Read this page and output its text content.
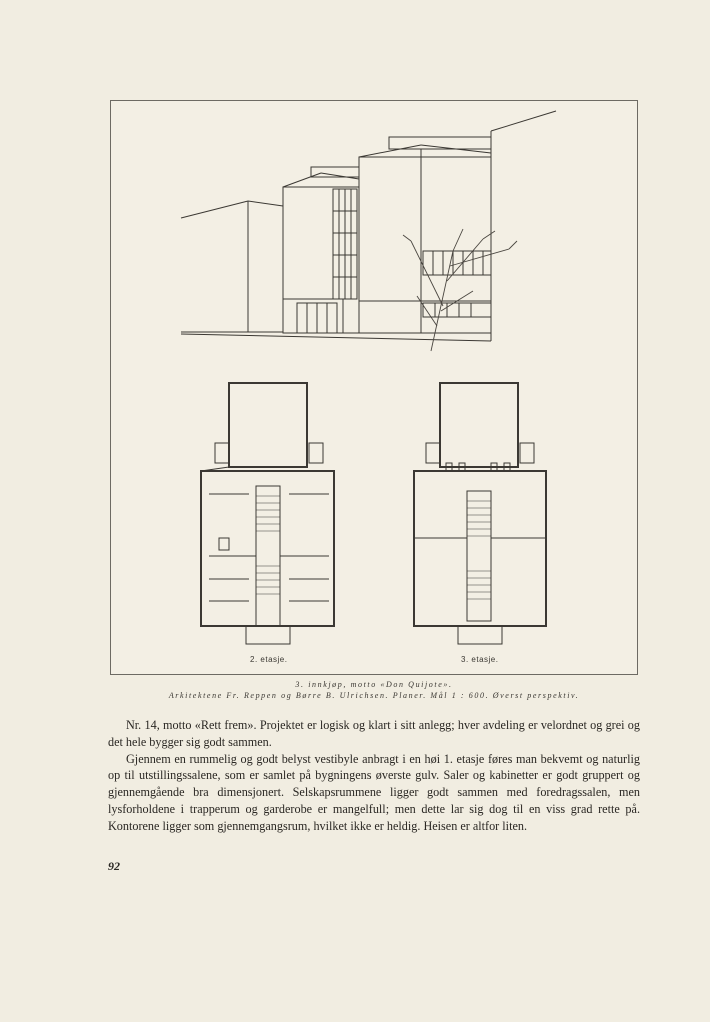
2. etasje.	3. etasje.
3. innkjøp, motto «Don Quijote».
Arkitektene Fr. Reppen og Børre B. Ulrichsen. Planer. Mål 1 : 600. Øverst perspektiv.

Nr. 14, motto «Rett frem». Projektet er logisk og klart i sitt anlegg; hver avdeling er velordnet og grei og det hele bygger sig godt sammen.

Gjennem en rummelig og godt belyst vestibyle anbragt i en høi 1. etasje føres man bekvemt og naturlig op til utstillingssalene, som er samlet på bygningens øverste gulv. Saler og kabinetter er godt gruppert og gjennemgående bra dimensjonert. Selskapsrummene ligger godt sammen med foredragssalen, men lysforholdene i trapperum og garderobe er mangelfull; men dette lar sig dog til en viss grad rette på. Kontorene ligger som gjennemgangsrum, hvilket ikke er heldig. Heisen er altfor liten.

92
